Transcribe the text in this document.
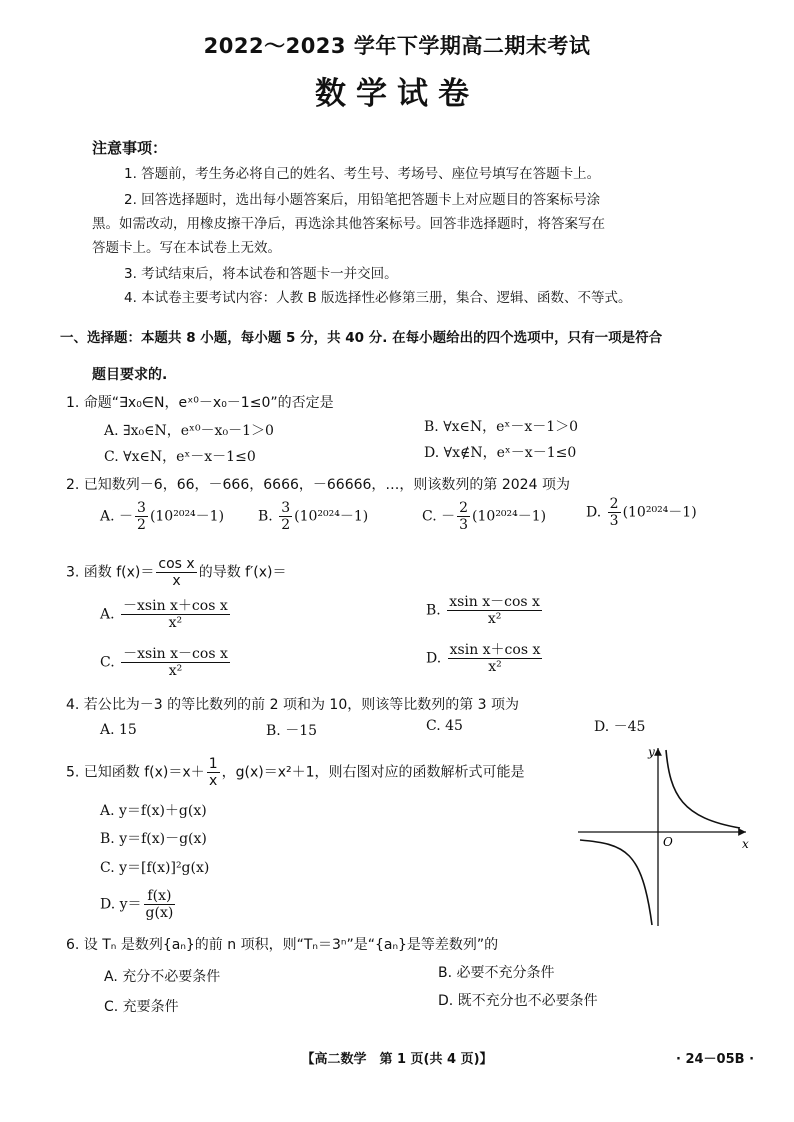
2022～2023 学年下学期高二期末考试
数学试卷
注意事项：
1. 答题前，考生务必将自己的姓名、考生号、考场号、座位号填写在答题卡上。
2. 回答选择题时，选出每小题答案后，用铅笔把答题卡上对应题目的答案标号涂
黑。如需改动，用橡皮擦干净后，再选涂其他答案标号。回答非选择题时，将答案写在
答题卡上。写在本试卷上无效。
3. 考试结束后，将本试卷和答题卡一并交回。
4. 本试卷主要考试内容：人教 B 版选择性必修第三册，集合、逻辑、函数、不等式。
一、选择题：本题共 8 小题，每小题 5 分，共 40 分. 在每小题给出的四个选项中，只有一项是符合
题目要求的.
1. 命题“∃x₀∈N，eˣ⁰－x₀－1≤0”的否定是
A. ∃x₀∈N，eˣ⁰－x₀－1＞0	B. ∀x∈N，eˣ－x－1＞0
C. ∀x∈N，eˣ－x－1≤0	D. ∀x∉N，eˣ－x－1≤0
2. 已知数列－6，66，－666，6666，－66666，…，则该数列的第 2024 项为
A. － $\frac{3}{2} (10^{2024}-1)$ B. $\frac{3}{2} (10^{2024}-1)$	C. － $\frac{2}{3} (10^{2024}-1)$	D. $\frac{2}{3} (10^{2024}-1)$
3. 函数 $f(x)= \frac{\text{cos x}}{x}$ 的导数 f′(x)＝
A. $\frac{\text{－xsin x＋cos x}}{\text{x²}}$	B. $\frac{\text{xsin x－cos x}}{\text{x²}}$
C. $\frac{\text{－xsin x－cos x}}{\text{x²}}$	D. $\frac{\text{xsin x＋cos x}}{\text{x²}}$
4. 若公比为－3 的等比数列的前 2 项和为 10，则该等比数列的第 3 项为
A. 15	B. －15	C. 45	D. －45
5. 已知函数 $f(x)=x+ \frac{1}{x}$ ，g(x)＝x²＋1，则右图对应的函数解析式可能是
A. y＝f(x)＋g(x)
B. y＝f(x)－g(x)
C. y＝[f(x)]²g(x)
D. $y= \frac{f(x)}{g(x)}$
y
x
O
6. 设 Tₙ 是数列{aₙ}的前 n 项积，则“Tₙ＝3ⁿ”是“{aₙ}是等差数列”的
A. 充分不必要条件	B. 必要不充分条件
C. 充要条件	D. 既不充分也不必要条件
【高二数学　第 1 页(共 4 页)】	· 24－05B ·
